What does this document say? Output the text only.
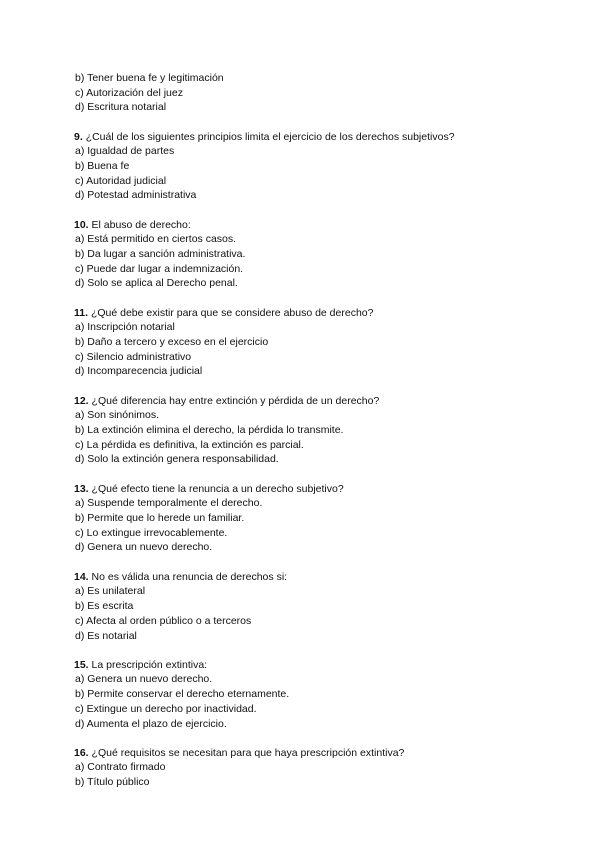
b) Tener buena fe y legitimación
c) Autorización del juez
d) Escritura notarial
9. ¿Cuál de los siguientes principios limita el ejercicio de los derechos subjetivos?
a) Igualdad de partes
b) Buena fe
c) Autoridad judicial
d) Potestad administrativa
10. El abuso de derecho:
a) Está permitido en ciertos casos.
b) Da lugar a sanción administrativa.
c) Puede dar lugar a indemnización.
d) Solo se aplica al Derecho penal.
11. ¿Qué debe existir para que se considere abuso de derecho?
a) Inscripción notarial
b) Daño a tercero y exceso en el ejercicio
c) Silencio administrativo
d) Incomparecencia judicial
12. ¿Qué diferencia hay entre extinción y pérdida de un derecho?
a) Son sinónimos.
b) La extinción elimina el derecho, la pérdida lo transmite.
c) La pérdida es definitiva, la extinción es parcial.
d) Solo la extinción genera responsabilidad.
13. ¿Qué efecto tiene la renuncia a un derecho subjetivo?
a) Suspende temporalmente el derecho.
b) Permite que lo herede un familiar.
c) Lo extingue irrevocablemente.
d) Genera un nuevo derecho.
14. No es válida una renuncia de derechos si:
a) Es unilateral
b) Es escrita
c) Afecta al orden público o a terceros
d) Es notarial
15. La prescripción extintiva:
a) Genera un nuevo derecho.
b) Permite conservar el derecho eternamente.
c) Extingue un derecho por inactividad.
d) Aumenta el plazo de ejercicio.
16. ¿Qué requisitos se necesitan para que haya prescripción extintiva?
a) Contrato firmado
b) Título público
